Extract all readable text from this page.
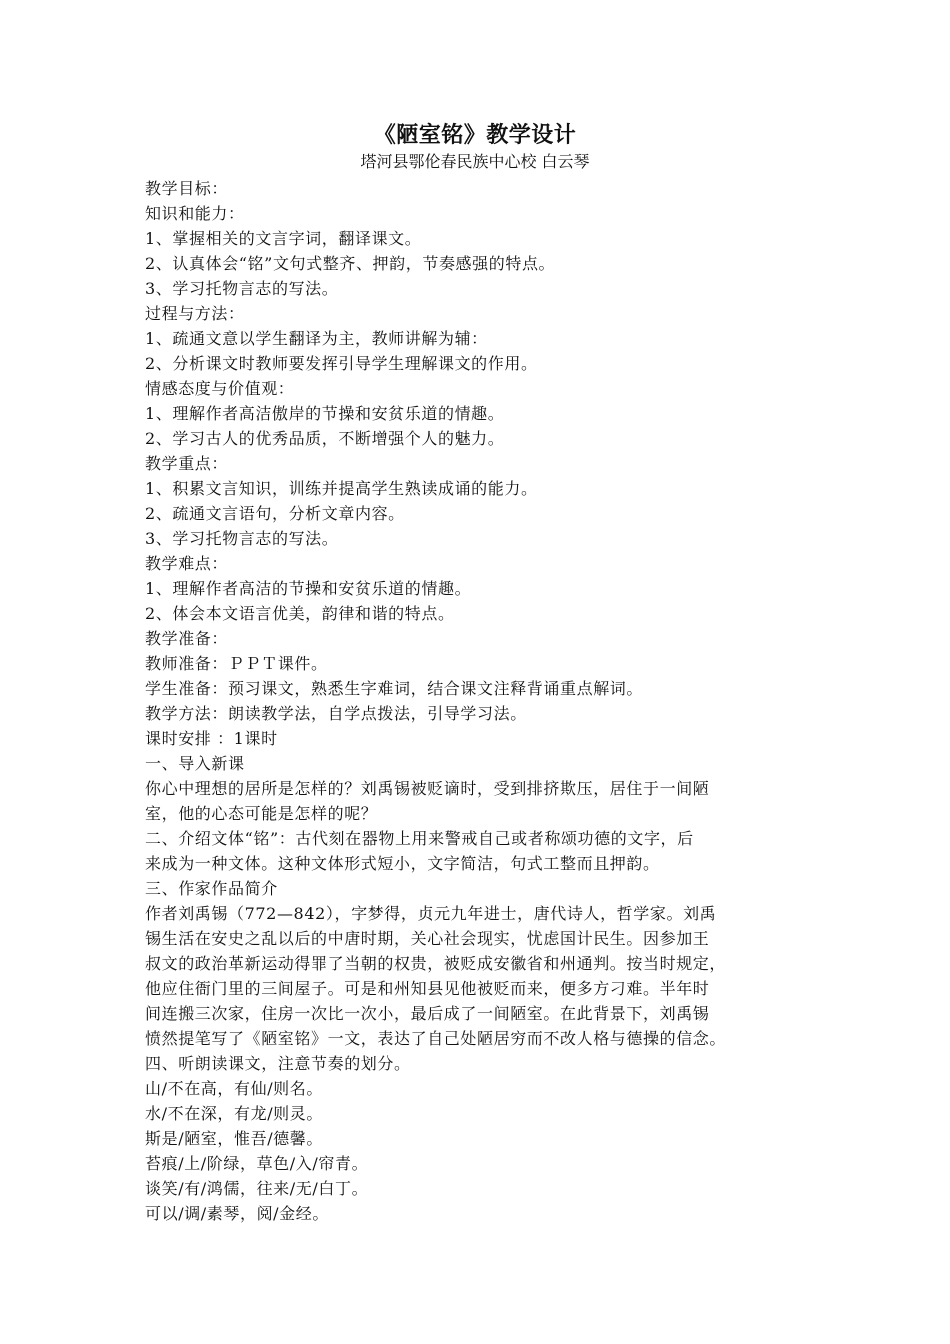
《陋室铭》教学设计
塔河县鄂伦春民族中心校 白云琴
教学目标：
知识和能力：
1、掌握相关的文言字词，翻译课文。
2、认真体会“铭”文句式整齐、押韵，节奏感强的特点。
3、学习托物言志的写法。
过程与方法：
1、疏通文意以学生翻译为主，教师讲解为辅：
2、分析课文时教师要发挥引导学生理解课文的作用。
情感态度与价值观：
1、理解作者高洁傲岸的节操和安贫乐道的情趣。
2、学习古人的优秀品质，不断增强个人的魅力。
教学重点：
1、积累文言知识，训练并提高学生熟读成诵的能力。
2、疏通文言语句，分析文章内容。
3、学习托物言志的写法。
教学难点：
1、理解作者高洁的节操和安贫乐道的情趣。
2、体会本文语言优美，韵律和谐的特点。
教学准备：
教师准备：ＰＰＴ课件。
学生准备：预习课文，熟悉生字难词，结合课文注释背诵重点解词。
教学方法：朗读教学法，自学点拨法，引导学习法。
课时安排 ：1课时
一、导入新课
你心中理想的居所是怎样的？刘禹锡被贬谪时，受到排挤欺压，居住于一间陋
室，他的心态可能是怎样的呢？
二、介绍文体“铭”：古代刻在器物上用来警戒自己或者称颂功德的文字，后
来成为一种文体。这种文体形式短小，文字简洁，句式工整而且押韵。
三、作家作品简介
作者刘禹锡（772—842），字梦得，贞元九年进士，唐代诗人，哲学家。刘禹
锡生活在安史之乱以后的中唐时期，关心社会现实，忧虑国计民生。因参加王
叔文的政治革新运动得罪了当朝的权贵，被贬成安徽省和州通判。按当时规定，
他应住衙门里的三间屋子。可是和州知县见他被贬而来，便多方刁难。半年时
间连搬三次家，住房一次比一次小，最后成了一间陋室。在此背景下，刘禹锡
愤然提笔写了《陋室铭》一文，表达了自己处陋居穷而不改人格与德操的信念。
四、听朗读课文，注意节奏的划分。
山/不在高，有仙/则名。
水/不在深，有龙/则灵。
斯是/陋室，惟吾/德馨。
苔痕/上/阶绿，草色/入/帘青。
谈笑/有/鸿儒，往来/无/白丁。
可以/调/素琴，阅/金经。
